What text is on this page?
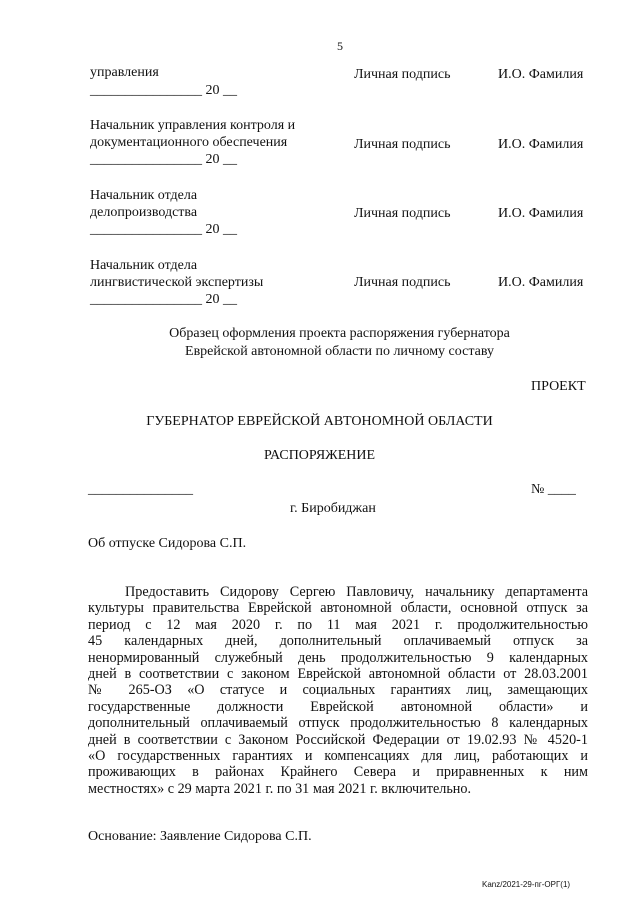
5
управления	Личная подпись	И.О. Фамилия
________________ 20 __
Начальник управления контроля и
документационного обеспечения	Личная подпись	И.О. Фамилия
________________ 20 __
Начальник отдела
делопроизводства	Личная подпись	И.О. Фамилия
________________ 20 __
Начальник отдела
лингвистической экспертизы	Личная подпись	И.О. Фамилия
________________ 20 __
Образец оформления проекта распоряжения губернатора
Еврейской автономной области по личному составу
ПРОЕКТ
ГУБЕРНАТОР ЕВРЕЙСКОЙ АВТОНОМНОЙ ОБЛАСТИ
РАСПОРЯЖЕНИЕ
_______________	№ ____
г. Биробиджан
Об отпуске Сидорова С.П.
Предоставить Сидорову Сергею Павловичу, начальнику департамента
культуры правительства Еврейской автономной области, основной отпуск за
период с 12 мая 2020 г. по 11 мая 2021 г. продолжительностью
45 календарных дней, дополнительный оплачиваемый отпуск за
ненормированный служебный день продолжительностью 9 календарных
дней в соответствии с законом Еврейской автономной области от 28.03.2001
№ 265-ОЗ «О статусе и социальных гарантиях лиц, замещающих
государственные должности Еврейской автономной области» и
дополнительный оплачиваемый отпуск продолжительностью 8 календарных
дней в соответствии с Законом Российской Федерации от 19.02.93 № 4520-1
«О государственных гарантиях и компенсациях для лиц, работающих и
проживающих в районах Крайнего Севера и приравненных к ним
местностях» с 29 марта 2021 г. по 31 мая 2021 г. включительно.
Основание: Заявление Сидорова С.П.
Kanz/2021-29-пг-ОРГ(1)
